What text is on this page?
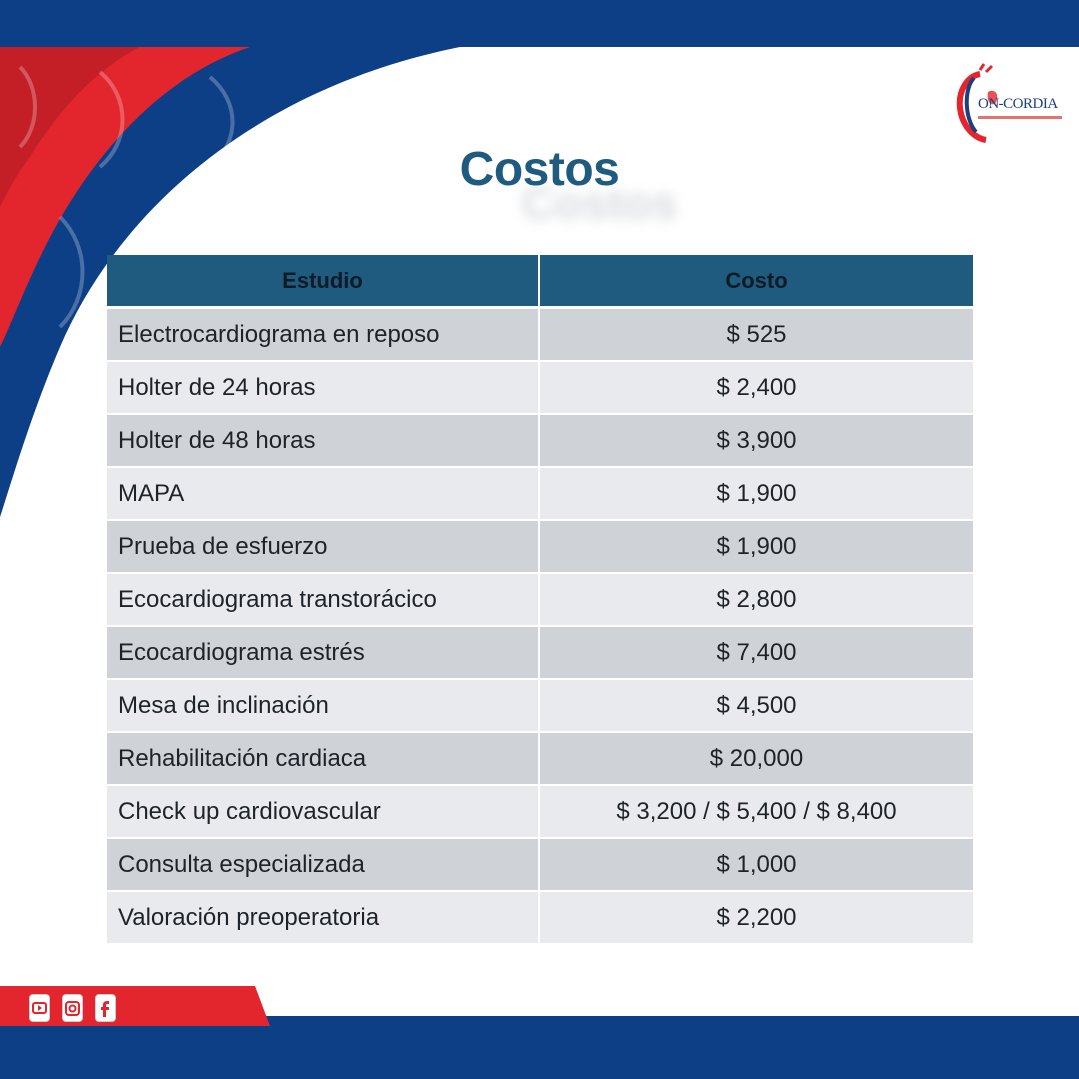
ON-CORDIA
Costos
Costos
Estudio	Costo
Electrocardiograma en reposo	$ 525
Holter de 24 horas	$ 2,400
Holter de 48 horas	$ 3,900
MAPA	$ 1,900
Prueba de esfuerzo	$ 1,900
Ecocardiograma transtorácico	$ 2,800
Ecocardiograma estrés	$ 7,400
Mesa de inclinación	$ 4,500
Rehabilitación cardiaca	$ 20,000
Check up cardiovascular	$ 3,200 / $ 5,400 / $ 8,400
Consulta especializada	$ 1,000
Valoración preoperatoria	$ 2,200
